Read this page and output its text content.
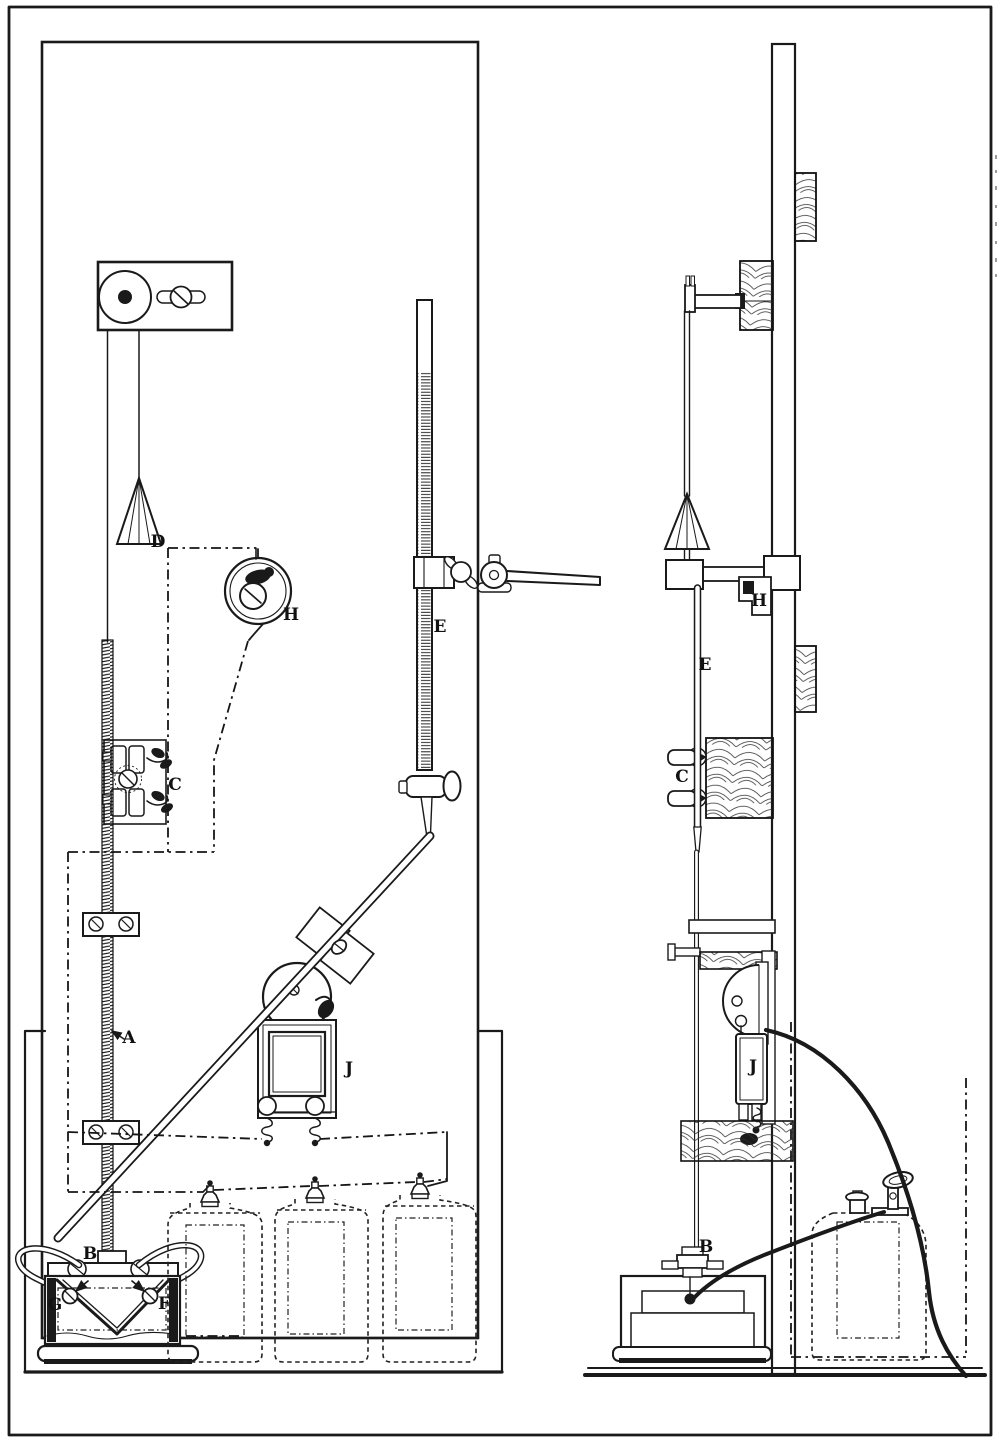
D
H
C
E
A
J
B
G	F
H
E
C
J
B
